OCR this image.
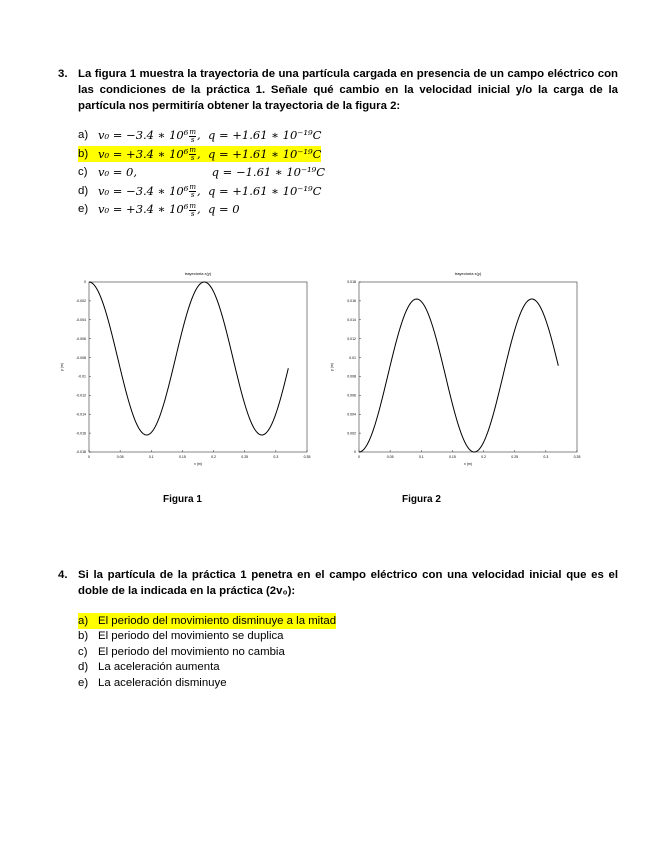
3. La figura 1 muestra la trayectoria de una partícula cargada en presencia de un campo eléctrico con las condiciones de la práctica 1. Señale qué cambio en la velocidad inicial y/o la carga de la partícula nos permitiría obtener la trayectoria de la figura 2:
a) v₀ = −3.4 ∗ $10^6 \frac{m}{s}$ ,  q = +1.61 ∗ 10⁻¹⁹C
b) v₀ = +3.4 ∗ $10^6 \frac{m}{s}$ ,  q = +1.61 ∗ 10⁻¹⁹C
c) v₀ = 0,	q = −1.61 ∗ 10⁻¹⁹C
d) v₀ = −3.4 ∗ $10^6 \frac{m}{s}$ ,  q = +1.61 ∗ 10⁻¹⁹C
e) v₀ = +3.4 ∗ $10^6 \frac{m}{s}$ ,  q = 0
trayectoria x(y)
0	0.05	0.1	0.15	0.2	0.25	0.3	0.35
0
-0.002
-0.004
-0.006
-0.008
-0.01
-0.012
-0.014
-0.016
-0.018
x (m)
y (m)
trayectoria x(y)
0	0.05	0.1	0.15	0.2	0.25	0.3	0.35
0
0.002
0.004
0.006
0.008
0.01
0.012
0.014
0.016
0.018
x (m)
y (m)
Figura 1	Figura 2
4. Si la partícula de la práctica 1 penetra en el campo eléctrico con una velocidad inicial que es el doble de la indicada en la práctica (2v₀):
a) El periodo del movimiento disminuye a la mitad
b) El periodo del movimiento se duplica
c) El periodo del movimiento no cambia
d) La aceleración aumenta
e) La aceleración disminuye
